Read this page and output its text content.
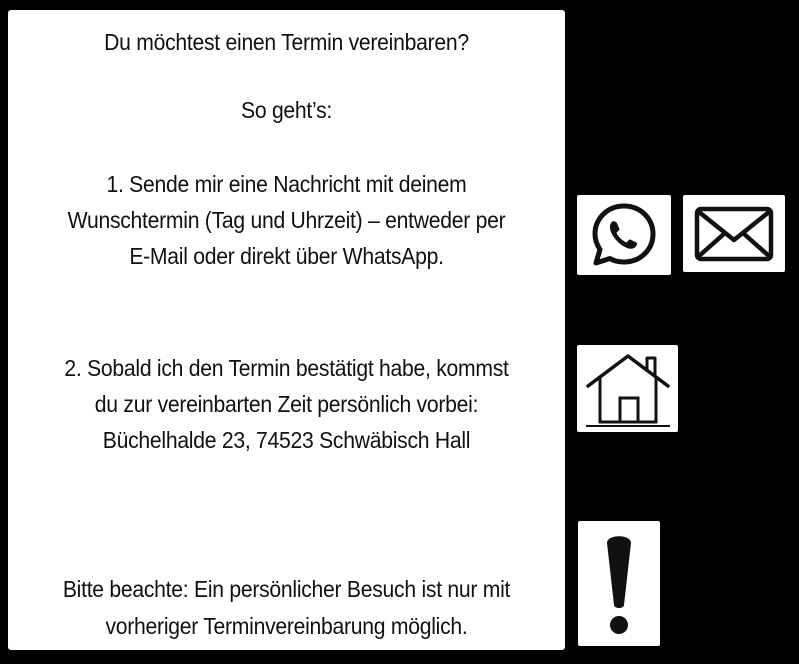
Du möchtest einen Termin vereinbaren?
So geht’s:
1. Sende mir eine Nachricht mit deinem
Wunschtermin (Tag und Uhrzeit) – entweder per
E-Mail oder direkt über WhatsApp.
2. Sobald ich den Termin bestätigt habe, kommst
du zur vereinbarten Zeit persönlich vorbei:
Büchelhalde 23, 74523 Schwäbisch Hall
Bitte beachte: Ein persönlicher Besuch ist nur mit
vorheriger Terminvereinbarung möglich.
